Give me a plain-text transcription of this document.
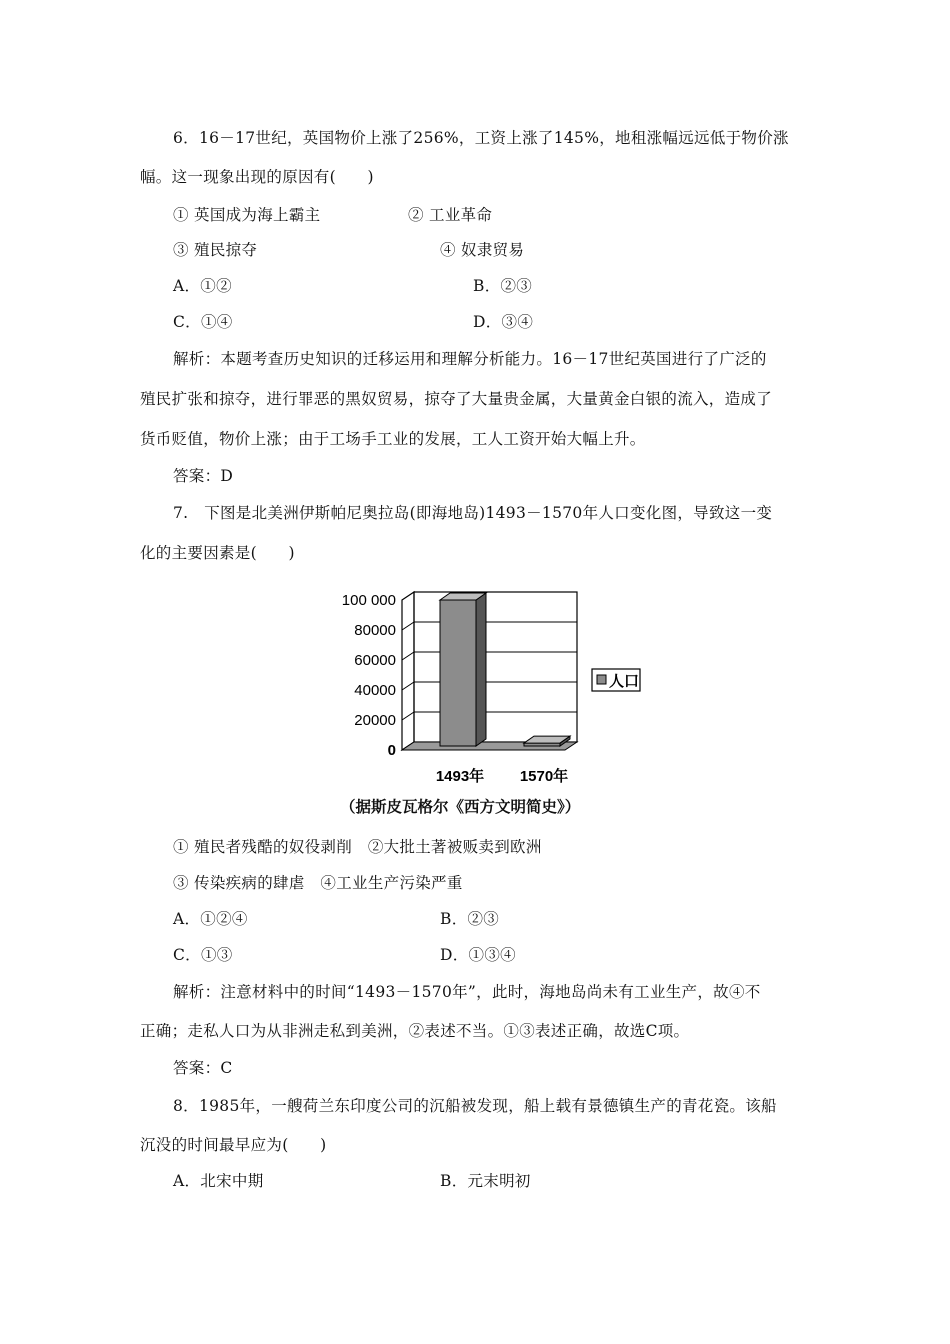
6．16－17世纪，英国物价上涨了256%，工资上涨了145%，地租涨幅远远低于物价涨
幅。这一现象出现的原因有(　　)
① 英国成为海上霸主	② 工业革命
③ 殖民掠夺	④ 奴隶贸易
A．①②	B．②③
C．①④	D．③④
解析：本题考查历史知识的迁移运用和理解分析能力。16－17世纪英国进行了广泛的
殖民扩张和掠夺，进行罪恶的黑奴贸易，掠夺了大量贵金属，大量黄金白银的流入，造成了
货币贬值，物价上涨；由于工场手工业的发展，工人工资开始大幅上升。
答案：D
7.　下图是北美洲伊斯帕尼奥拉岛(即海地岛)1493－1570年人口变化图，导致这一变
化的主要因素是(　　)
100 000
80000
60000
40000
20000
0
1493年 1570年
人口
（据斯皮瓦格尔《西方文明简史》）
① 殖民者残酷的奴役剥削　②大批土著被贩卖到欧洲
③ 传染疾病的肆虐　④工业生产污染严重
A．①②④	B．②③
C．①③	D．①③④
解析：注意材料中的时间“1493－1570年”，此时，海地岛尚未有工业生产，故④不
正确；走私人口为从非洲走私到美洲，②表述不当。①③表述正确，故选C项。
答案：C
8．1985年，一艘荷兰东印度公司的沉船被发现，船上载有景德镇生产的青花瓷。该船
沉没的时间最早应为(　　)
A．北宋中期	B．元末明初
